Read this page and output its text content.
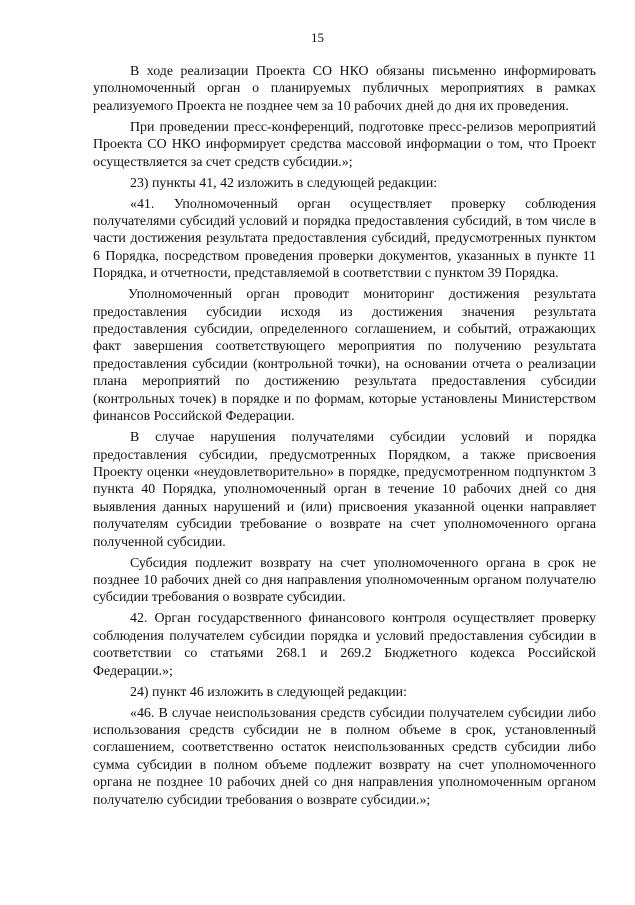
15

В ходе реализации Проекта СО НКО обязаны письменно информировать уполномоченный орган о планируемых публичных мероприятиях в рамках реализуемого Проекта не позднее чем за 10 рабочих дней до дня их проведения.

При проведении пресс-конференций, подготовке пресс-релизов мероприятий Проекта СО НКО информирует средства массовой информации о том, что Проект осуществляется за счет средств субсидии.»;

23) пункты 41, 42 изложить в следующей редакции:

«41. Уполномоченный орган осуществляет проверку соблюдения получателями субсидий условий и порядка предоставления субсидий, в том числе в части достижения результата предоставления субсидий, предусмотренных пунктом 6 Порядка, посредством проведения проверки документов, указанных в пункте 11 Порядка, и отчетности, представляемой в соответствии с пунктом 39 Порядка.

Уполномоченный орган проводит мониторинг достижения результата предоставления субсидии исходя из достижения значения результата предоставления субсидии, определенного соглашением, и событий, отражающих факт завершения соответствующего мероприятия по получению результата предоставления субсидии (контрольной точки), на основании отчета о реализации плана мероприятий по достижению результата предоставления субсидии (контрольных точек) в порядке и по формам, которые установлены Министерством финансов Российской Федерации.

В случае нарушения получателями субсидии условий и порядка предоставления субсидии, предусмотренных Порядком, а также присвоения Проекту оценки «неудовлетворительно» в порядке, предусмотренном подпунктом 3 пункта 40 Порядка, уполномоченный орган в течение 10 рабочих дней со дня выявления данных нарушений и (или) присвоения указанной оценки направляет получателям субсидии требование о возврате на счет уполномоченного органа полученной субсидии.

Субсидия подлежит возврату на счет уполномоченного органа в срок не позднее 10 рабочих дней со дня направления уполномоченным органом получателю субсидии требования о возврате субсидии.

42. Орган государственного финансового контроля осуществляет проверку соблюдения получателем субсидии порядка и условий предоставления субсидии в соответствии со статьями 268.1 и 269.2 Бюджетного кодекса Российской Федерации.»;

24) пункт 46 изложить в следующей редакции:

«46. В случае неиспользования средств субсидии получателем субсидии либо использования средств субсидии не в полном объеме в срок, установленный соглашением, соответственно остаток неиспользованных средств субсидии либо сумма субсидии в полном объеме подлежит возврату на счет уполномоченного органа не позднее 10 рабочих дней со дня направления уполномоченным органом получателю субсидии требования о возврате субсидии.»;
